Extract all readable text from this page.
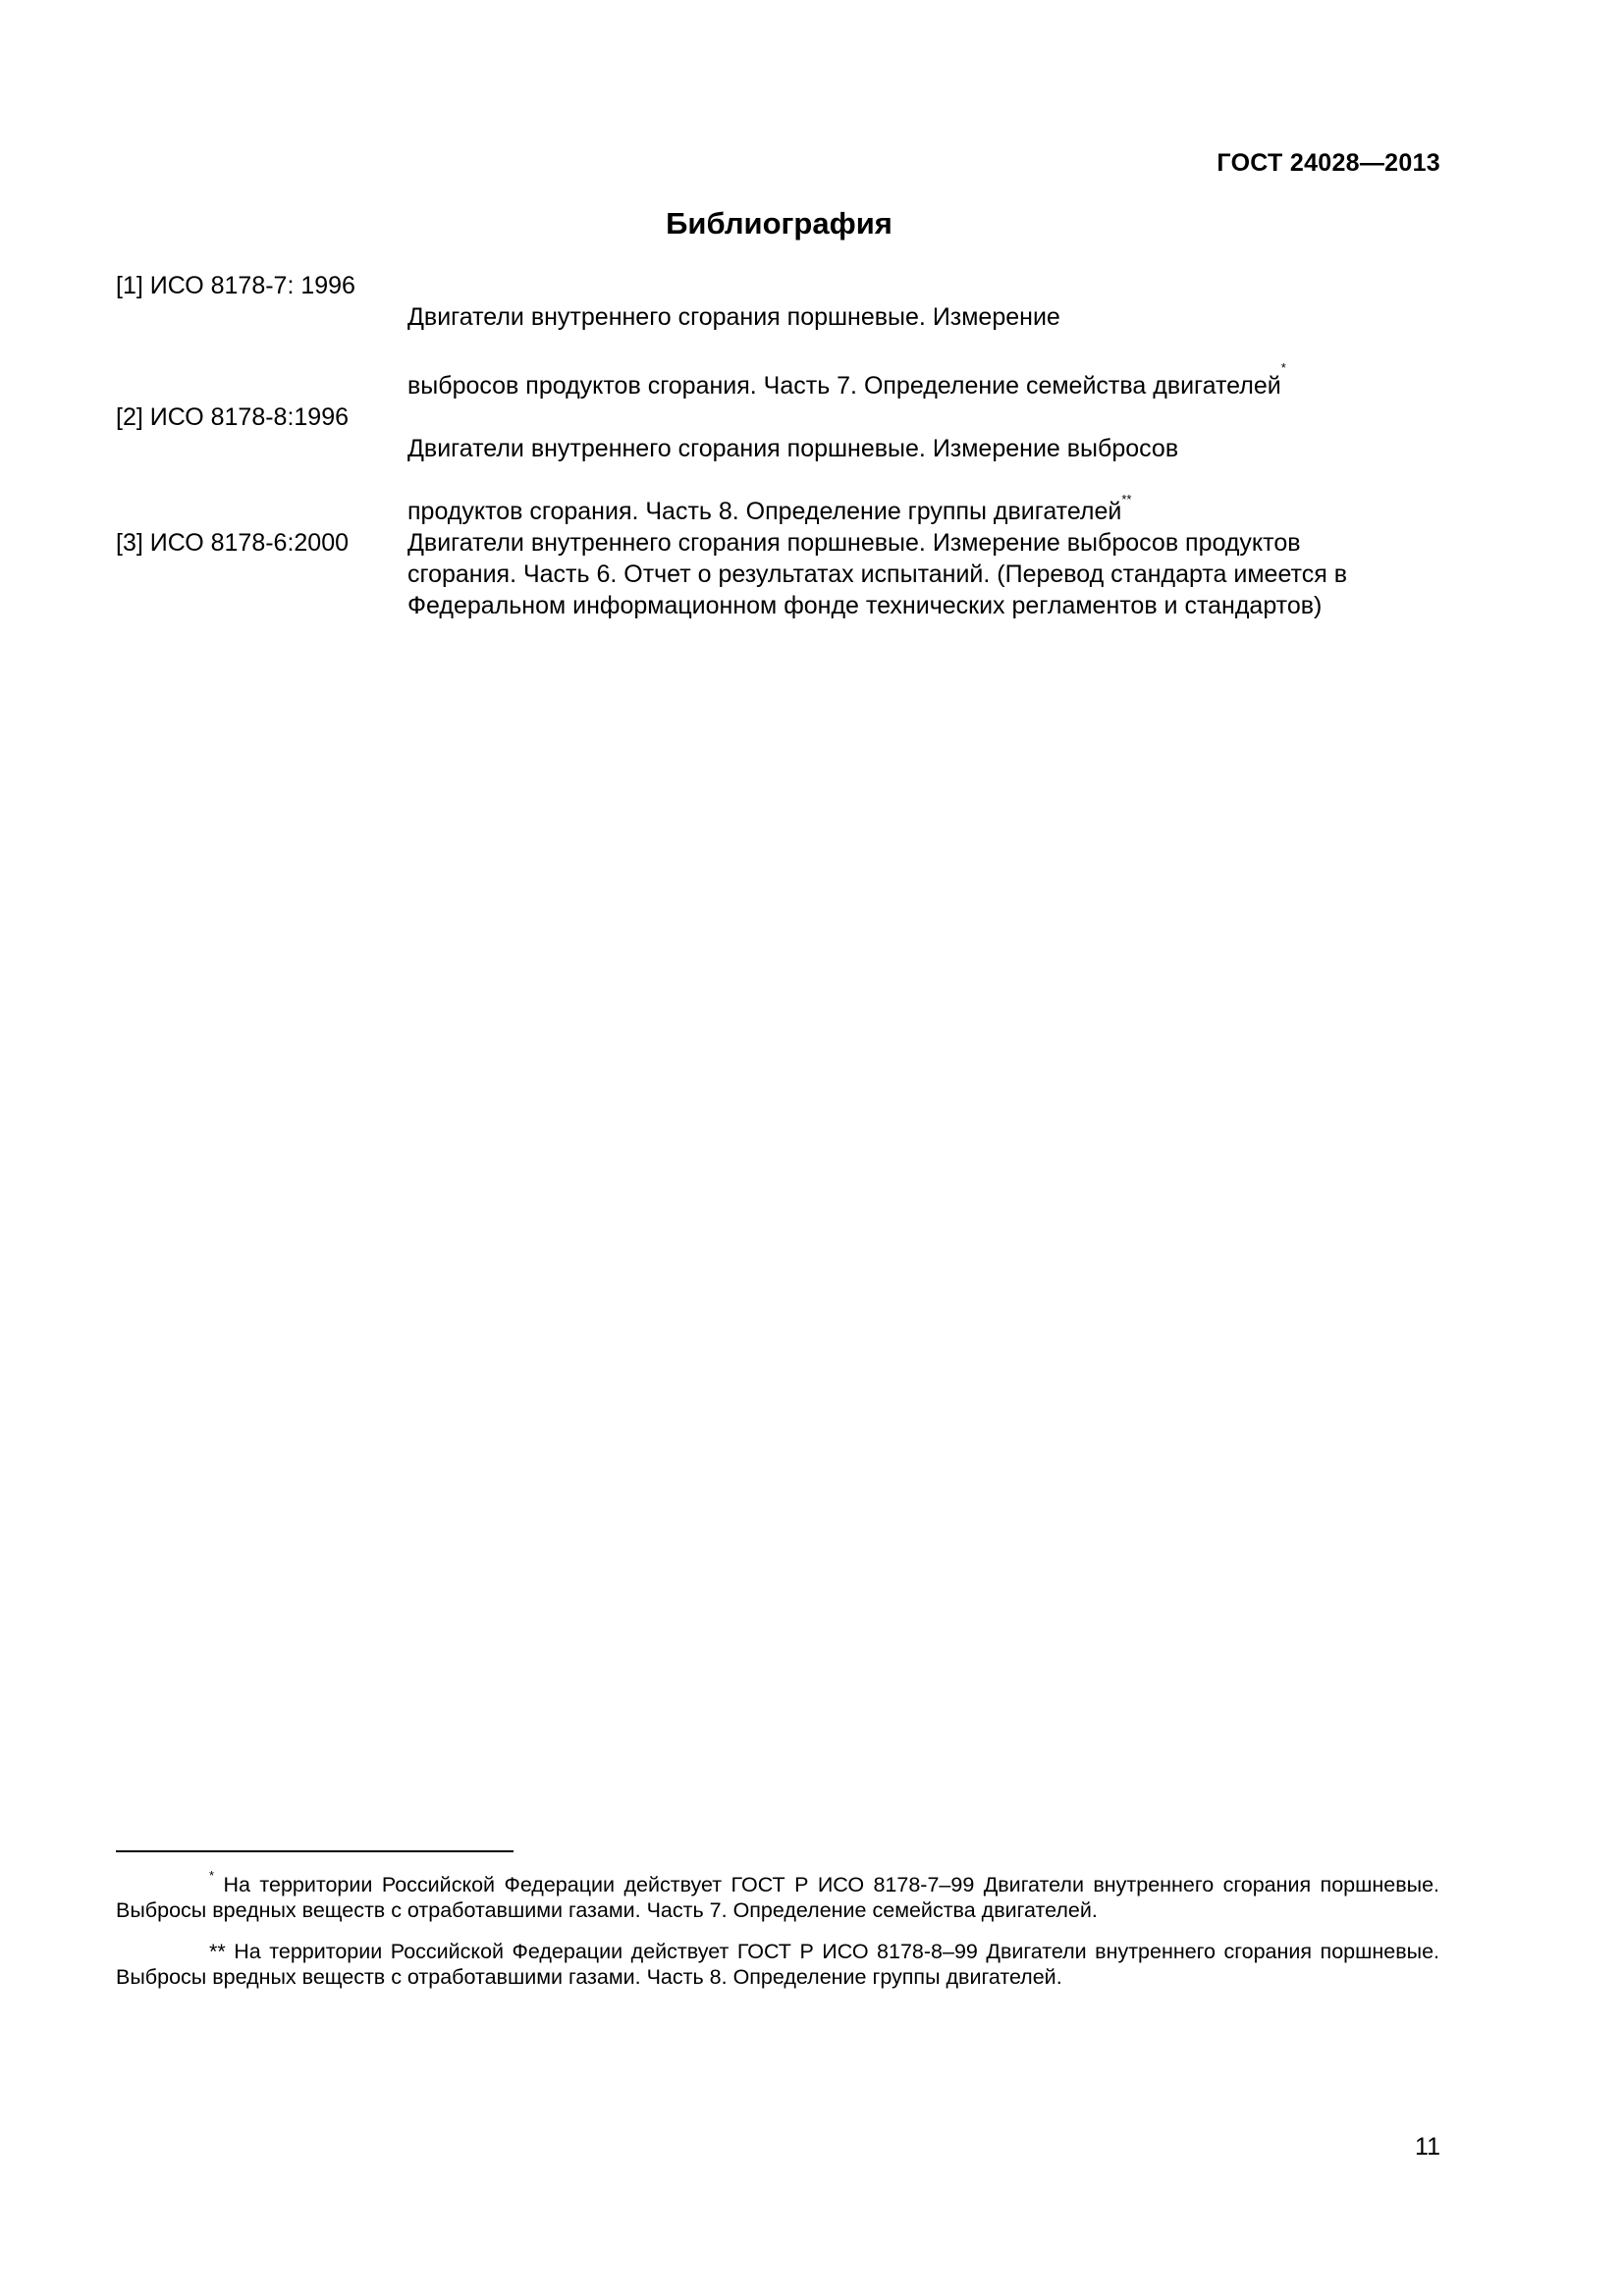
ГОСТ 24028—2013
Библиография
[1] ИСО 8178-7: 1996

Двигатели внутреннего сгорания поршневые. Измерение

выбросов продуктов сгорания. Часть 7. Определение семейства двигателей*

[2] ИСО 8178-8:1996

Двигатели внутреннего сгорания поршневые. Измерение выбросов

продуктов сгорания. Часть 8. Определение группы двигателей**

[3] ИСО 8178-6:2000	Двигатели внутреннего сгорания поршневые. Измерение выбросов продуктов сгорания. Часть 6. Отчет о результатах испытаний. (Перевод стандарта имеется в Федеральном информационном фонде технических регламентов и стандартов)
* На территории Российской Федерации действует ГОСТ Р ИСО 8178-7–99 Двигатели внутреннего сгорания поршневые. Выбросы вредных веществ с отработавшими газами. Часть 7. Определение семейства двигателей.
** На территории Российской Федерации действует ГОСТ Р ИСО 8178-8–99 Двигатели внутреннего сгорания поршневые. Выбросы вредных веществ с отработавшими газами. Часть 8. Определение группы двигателей.
11
